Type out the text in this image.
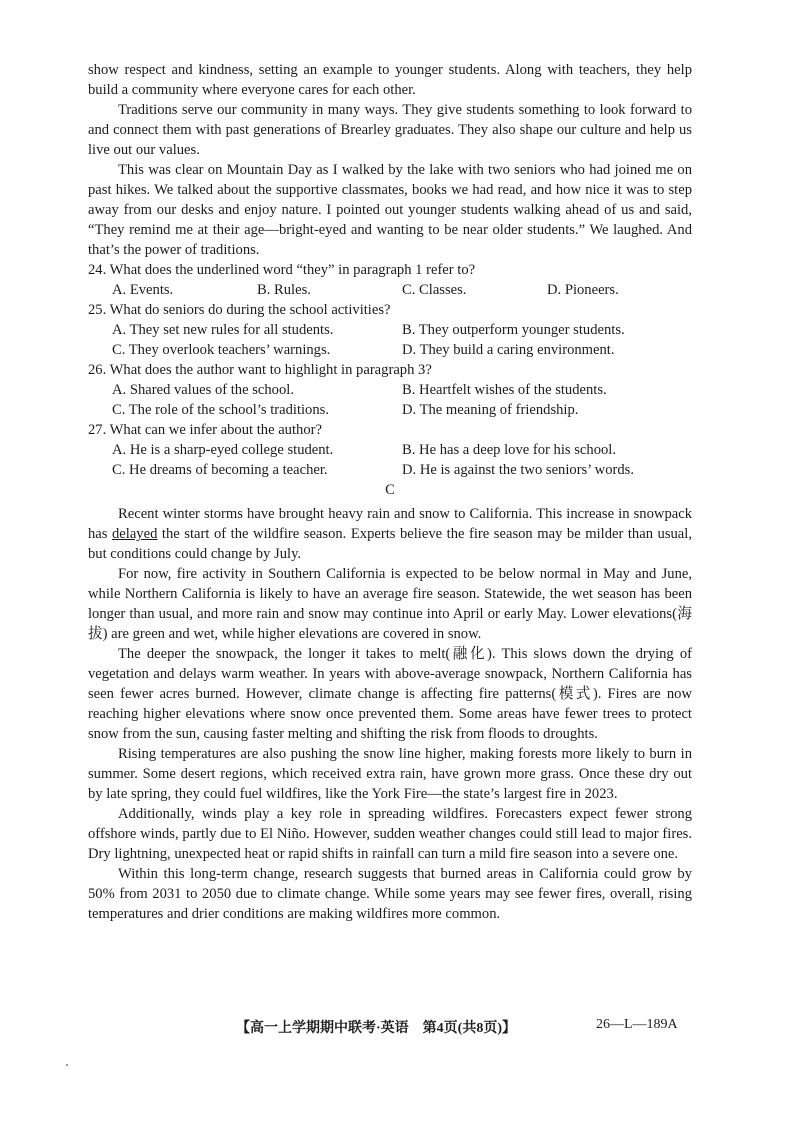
show respect and kindness, setting an example to younger students. Along with teachers, they help build a community where everyone cares for each other.

Traditions serve our community in many ways. They give students something to look forward to and connect them with past generations of Brearley graduates. They also shape our culture and help us live out our values.

This was clear on Mountain Day as I walked by the lake with two seniors who had joined me on past hikes. We talked about the supportive classmates, books we had read, and how nice it was to step away from our desks and enjoy nature. I pointed out younger students walking ahead of us and said, “They remind me at their age—bright-eyed and wanting to be near older students.” We laughed. And that’s the power of traditions.

24. What does the underlined word “they” in paragraph 1 refer to?
A. Events.	B. Rules.	C. Classes.	D. Pioneers.
25. What do seniors do during the school activities?
A. They set new rules for all students.	B. They outperform younger students.
C. They overlook teachers’ warnings.	D. They build a caring environment.
26. What does the author want to highlight in paragraph 3?
A. Shared values of the school.	B. Heartfelt wishes of the students.
C. The role of the school’s traditions.	D. The meaning of friendship.
27. What can we infer about the author?
A. He is a sharp-eyed college student.	B. He has a deep love for his school.
C. He dreams of becoming a teacher.	D. He is against the two seniors’ words.
C

Recent winter storms have brought heavy rain and snow to California. This increase in snowpack has delayed the start of the wildfire season. Experts believe the fire season may be milder than usual, but conditions could change by July.

For now, fire activity in Southern California is expected to be below normal in May and June, while Northern California is likely to have an average fire season. Statewide, the wet season has been longer than usual, and more rain and snow may continue into April or early May. Lower elevations(海拔) are green and wet, while higher elevations are covered in snow.

The deeper the snowpack, the longer it takes to melt(融化). This slows down the drying of vegetation and delays warm weather. In years with above-average snowpack, Northern California has seen fewer acres burned. However, climate change is affecting fire patterns(模式). Fires are now reaching higher elevations where snow once prevented them. Some areas have fewer trees to protect snow from the sun, causing faster melting and shifting the risk from floods to droughts.

Rising temperatures are also pushing the snow line higher, making forests more likely to burn in summer. Some desert regions, which received extra rain, have grown more grass. Once these dry out by late spring, they could fuel wildfires, like the York Fire—the state’s largest fire in 2023.

Additionally, winds play a key role in spreading wildfires. Forecasters expect fewer strong offshore winds, partly due to El Niño. However, sudden weather changes could still lead to major fires. Dry lightning, unexpected heat or rapid shifts in rainfall can turn a mild fire season into a severe one.

Within this long-term change, research suggests that burned areas in California could grow by 50% from 2031 to 2050 due to climate change. While some years may see fewer fires, overall, rising temperatures and drier conditions are making wildfires more common.

【高一上学期期中联考·英语　第4页(共8页)】	26—L—189A
